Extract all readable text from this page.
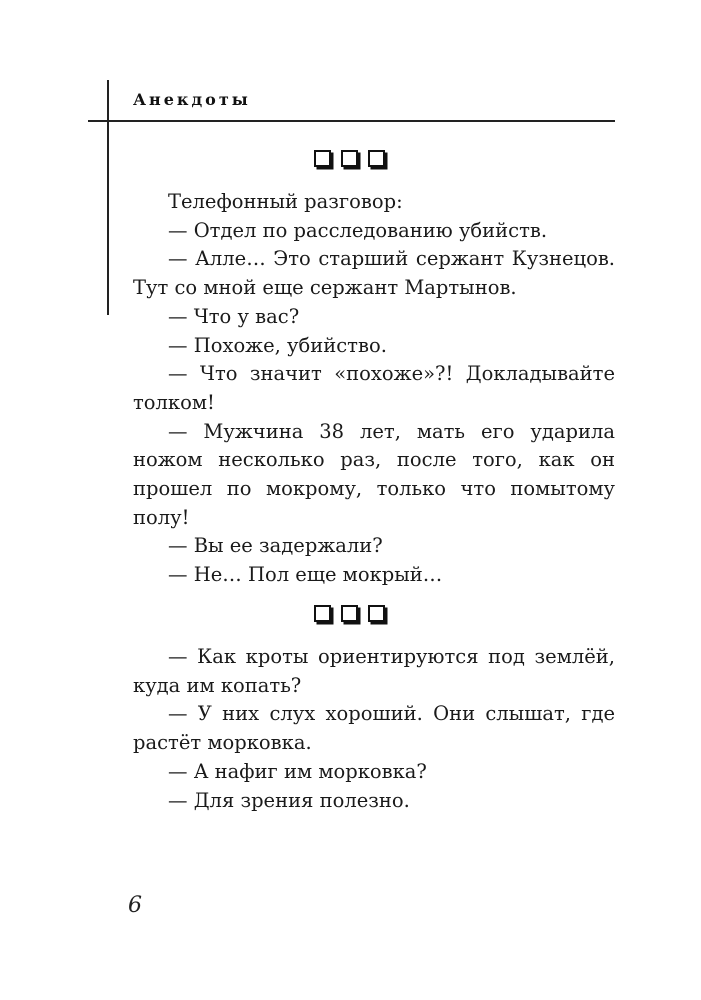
Анекдоты

Телефонный разговор:

— Отдел по расследованию убийств.

— Алле… Это старший сержант Кузнецов. Тут со мной еще сержант Мартынов.

— Что у вас?

— Похоже, убийство.

— Что значит «похоже»?! Докладывайте толком!

— Мужчина 38 лет, мать его ударила ножом несколько раз, после того, как он прошел по мокрому, только что помытому полу!

— Вы ее задержали?

— Не… Пол еще мокрый…

— Как кроты ориентируются под землёй, куда им копать?

— У них слух хороший. Они слышат, где растёт морковка.

— А нафиг им морковка?

— Для зрения полезно.

6
